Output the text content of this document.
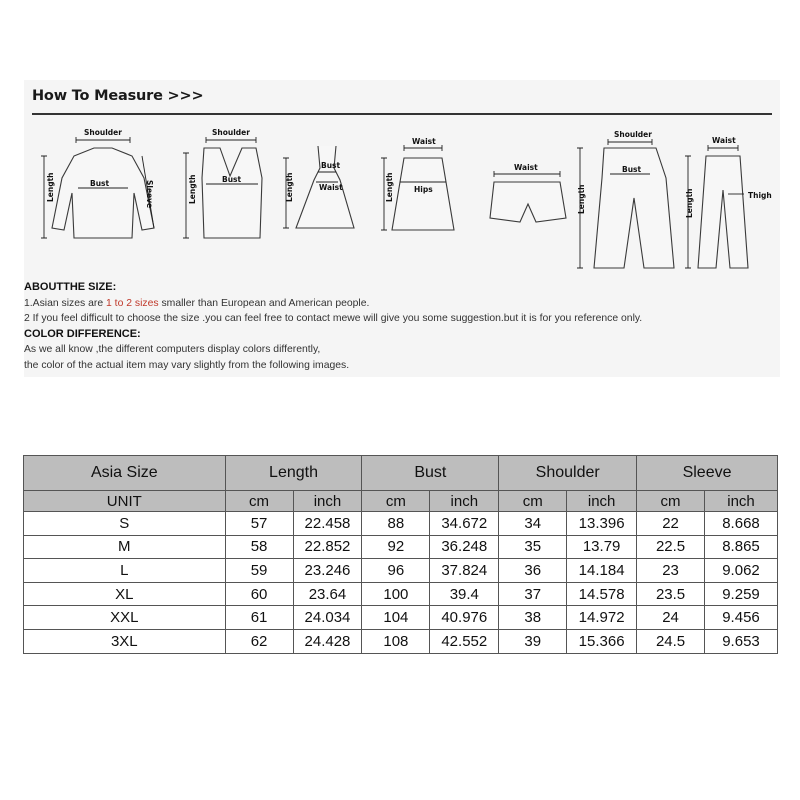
How To Measure >>>
Shoulder
Bust
Length	Sleeve
Shoulder
Bust
Length
Bust
Waist
Length
Waist
Hips
Length
Waist
Shoulder
Bust
Length
Waist
Thigh
Length
ABOUTTHE SIZE:
1.Asian sizes are 1 to 2 sizes smaller than European and American people.
2 If you feel difficult to choose the size .you can feel free to contact mewe will give you some suggestion.but it is for you reference only.
COLOR DIFFERENCE:
As we all know ,the different computers display colors differently,
the color of the actual item may vary slightly from the following images.
Asia Size	Length		Bust		Shoulder		Sleeve	
UNIT	cm	inch	cm	inch	cm	inch	cm	inch
S	57	22.458	88	34.672	34	13.396	22	8.668
M	58	22.852	92	36.248	35	13.79	22.5	8.865
L	59	23.246	96	37.824	36	14.184	23	9.062
XL	60	23.64	100	39.4	37	14.578	23.5	9.259
XXL	61	24.034	104	40.976	38	14.972	24	9.456
3XL	62	24.428	108	42.552	39	15.366	24.5	9.653
